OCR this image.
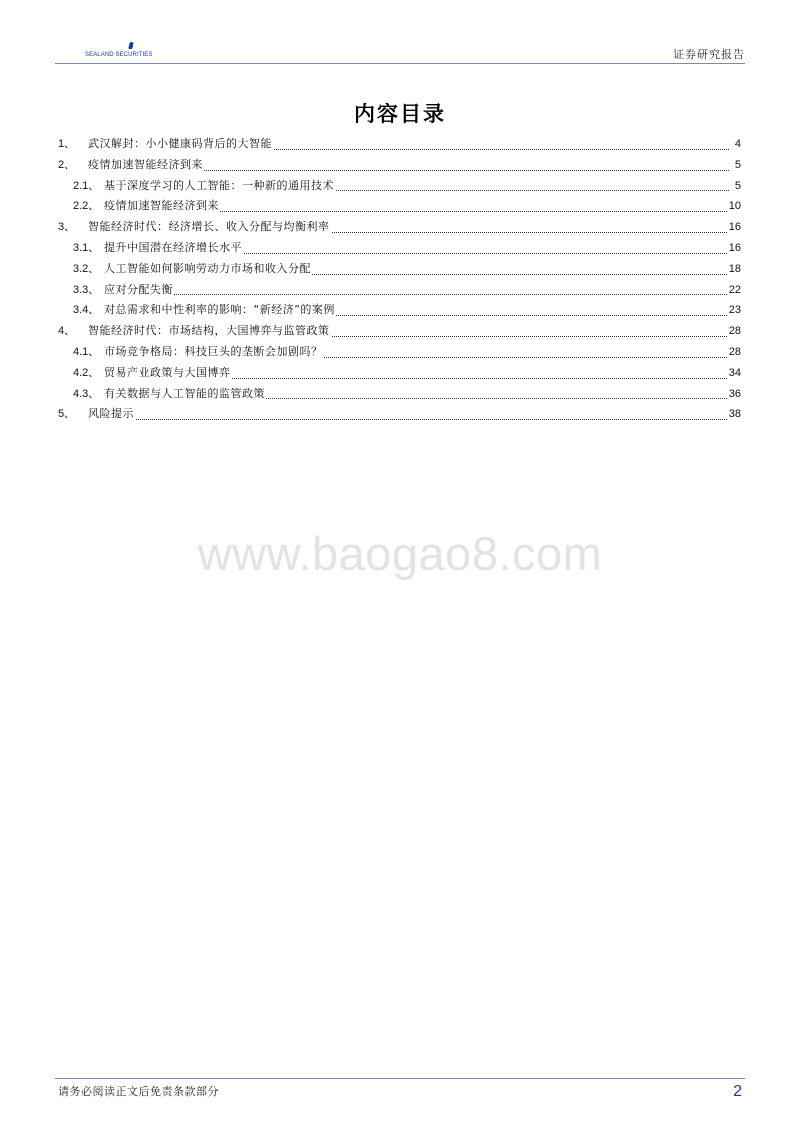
SEALAND SECURITIES	证券研究报告
内容目录
1、	武汉解封：小小健康码背后的大智能	4
2、	疫情加速智能经济到来	5
2.1、 基于深度学习的人工智能：一种新的通用技术	5
2.2、 疫情加速智能经济到来	10
3、	智能经济时代：经济增长、收入分配与均衡利率	16
3.1、 提升中国潜在经济增长水平	16
3.2、 人工智能如何影响劳动力市场和收入分配	18
3.3、 应对分配失衡	22
3.4、 对总需求和中性利率的影响：“新经济”的案例	23
4、	智能经济时代：市场结构，大国博弈与监管政策	28
4.1、 市场竞争格局：科技巨头的垄断会加剧吗？	28
4.2、 贸易产业政策与大国博弈	34
4.3、 有关数据与人工智能的监管政策	36
5、	风险提示	38
www.baogao8.com
请务必阅读正文后免责条款部分	2
